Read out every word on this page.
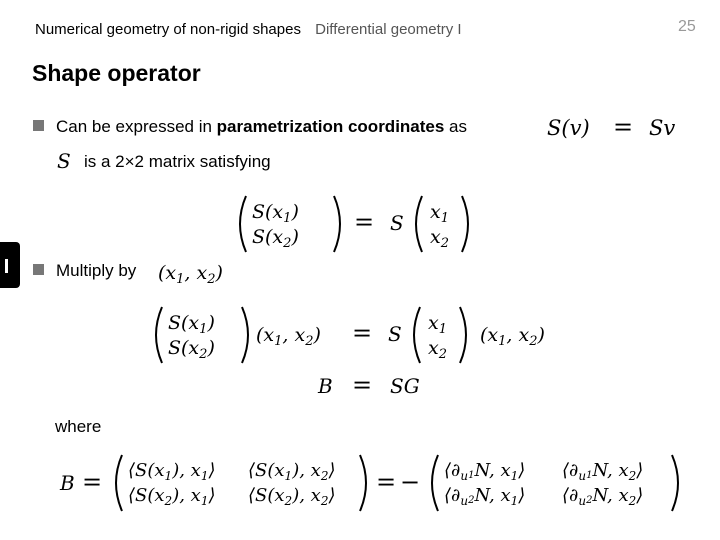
Numerical geometry of non-rigid shapes Differential geometry I	25
Shape operator
Can be expressed in parametrization coordinates as	S(v) = Sv
S is a 2×2 matrix satisfying
$S(x_1)$
$S(x_2)$
= S $x_1$
$x_2$
Multiply by ($x_1$, $x_2$)
$S(x_1)$
$S(x_2)$
($x_1$, $x_2) = S$ $x_1$
$x_2$
($x_1$, $x_2$)
B = SG
where
$B = ⟨S(x_1)$, $x_1⟩$
$⟨S(x_2)$, $x_1⟩$
$⟨S(x_1)$, $x_2⟩$
$⟨S(x_2)$, $x_2⟩$ = − $⟨\partial_u1N$, $x_1⟩$
$⟨\partial_u2N$, $x_1⟩$
$⟨\partial_u1N$, $x_2⟩$
$⟨\partial_u2N$, $x_2⟩$
